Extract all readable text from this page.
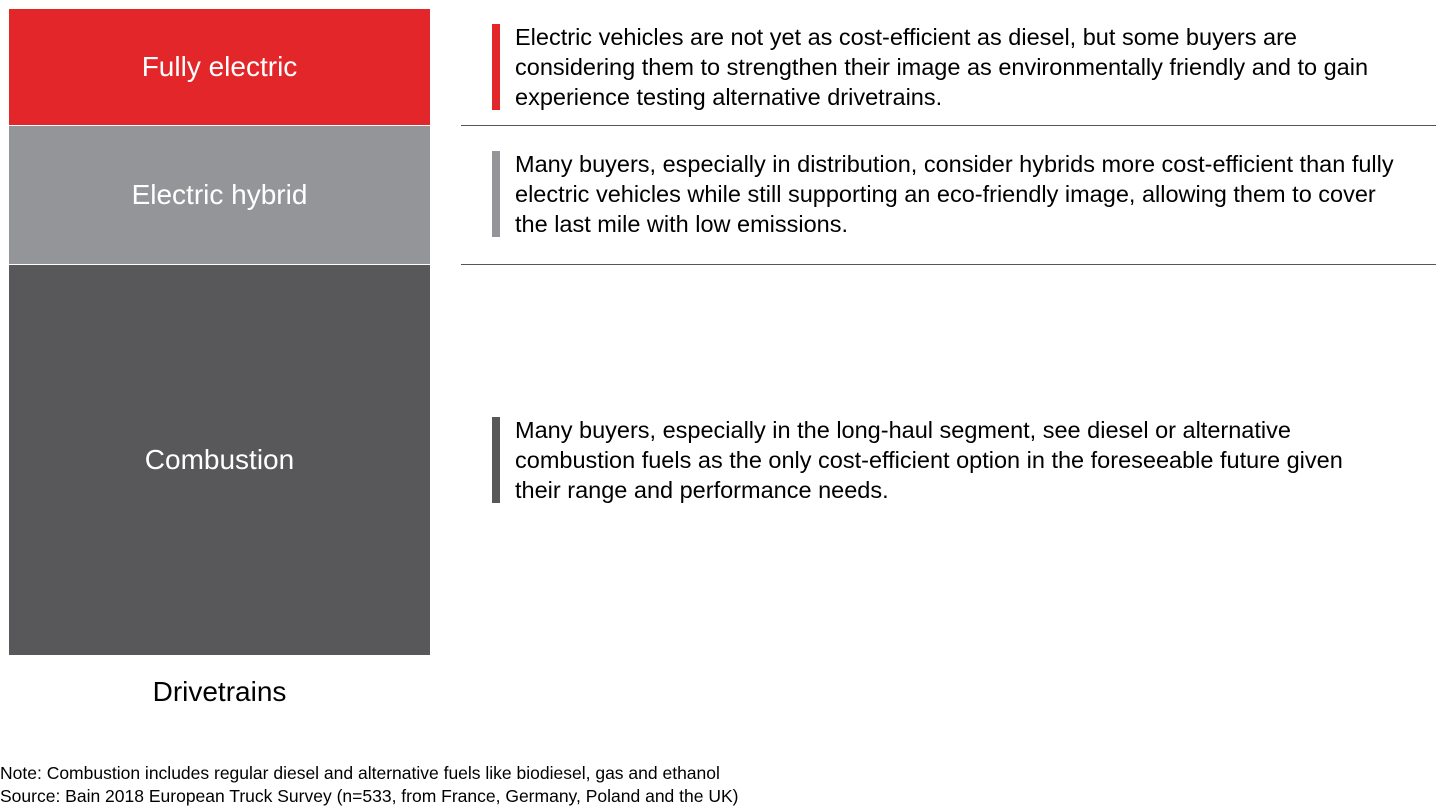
Fully electric
Electric hybrid
Combustion
Drivetrains
Electric vehicles are not yet as cost-efficient as diesel, but some buyers are considering them to strengthen their image as environmentally friendly and to gain experience testing alternative drivetrains.
Many buyers, especially in distribution, consider hybrids more cost-efficient than fully electric vehicles while still supporting an eco-friendly image, allowing them to cover the last mile with low emissions.
Many buyers, especially in the long-haul segment, see diesel or alternative combustion fuels as the only cost-efficient option in the foreseeable future given their range and performance needs.
Note: Combustion includes regular diesel and alternative fuels like biodiesel, gas and ethanol
Source: Bain 2018 European Truck Survey (n=533, from France, Germany, Poland and the UK)
